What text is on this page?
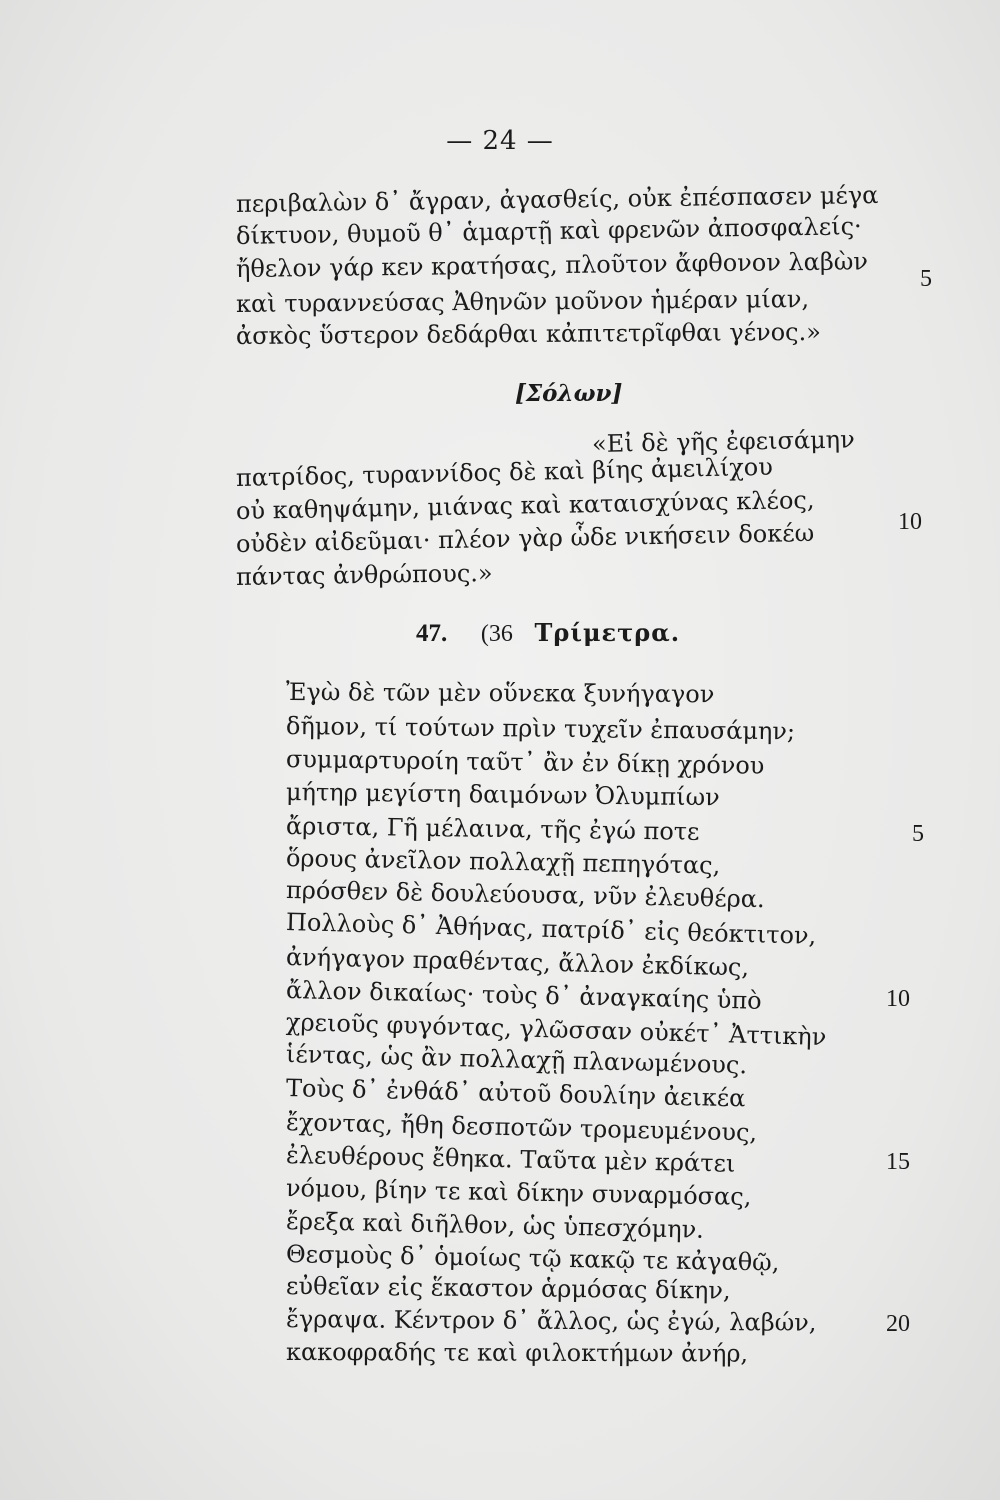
— 24 —
περιβαλὼν δ᾽ ἄγραν, ἀγασθείς, οὐκ ἐπέσπασεν μέγα
δίκτυον, θυμοῦ θ᾽ ἁμαρτῇ καὶ φρενῶν ἀποσφαλείς·
ἤθελον γάρ κεν κρατήσας, πλοῦτον ἄφθονον λαβὼν
καὶ τυραννεύσας Ἀθηνῶν μοῦνον ἡμέραν μίαν,
ἀσκὸς ὕστερον δεδάρθαι κἀπιτετρῖφθαι γένος.»
5
[Σόλων]
«Εἰ δὲ γῆς ἐφεισάμην
πατρίδος, τυραννίδος δὲ καὶ βίης ἀμειλίχου
οὐ καθηψάμην, μιάνας καὶ καταισχύνας κλέος,
οὐδὲν αἰδεῦμαι· πλέον γὰρ ὧδε νικήσειν δοκέω
πάντας ἀνθρώπους.»
10
47. (36 Τρίμετρα.
Ἐγὼ δὲ τῶν μὲν οὕνεκα ξυνήγαγον
δῆμον, τί τούτων πρὶν τυχεῖν ἐπαυσάμην;
συμμαρτυροίη ταῦτ᾽ ἂν ἐν δίκῃ χρόνου
μήτηρ μεγίστη δαιμόνων Ὀλυμπίων
ἄριστα, Γῆ μέλαινα, τῆς ἐγώ ποτε
ὅρους ἀνεῖλον πολλαχῇ πεπηγότας,
πρόσθεν δὲ δουλεύουσα, νῦν ἐλευθέρα.
Πολλοὺς δ᾽ Ἀθήνας, πατρίδ᾽ εἰς θεόκτιτον,
ἀνήγαγον πραθέντας, ἄλλον ἐκδίκως,
ἄλλον δικαίως· τοὺς δ᾽ ἀναγκαίης ὑπὸ
χρειοῦς φυγόντας, γλῶσσαν οὐκέτ᾽ Ἀττικὴν
ἱέντας, ὡς ἂν πολλαχῇ πλανωμένους.
Τοὺς δ᾽ ἐνθάδ᾽ αὐτοῦ δουλίην ἀεικέα
ἔχοντας, ἤθη δεσποτῶν τρομευμένους,
ἐλευθέρους ἔθηκα. Ταῦτα μὲν κράτει
νόμου, βίην τε καὶ δίκην συναρμόσας,
ἔρεξα καὶ διῆλθον, ὡς ὑπεσχόμην.
Θεσμοὺς δ᾽ ὁμοίως τῷ κακῷ τε κἀγαθῷ,
εὐθεῖαν εἰς ἕκαστον ἁρμόσας δίκην,
ἔγραψα. Κέντρον δ᾽ ἄλλος, ὡς ἐγώ, λαβών,
κακοφραδής τε καὶ φιλοκτήμων ἀνήρ,
5
10
15
20
